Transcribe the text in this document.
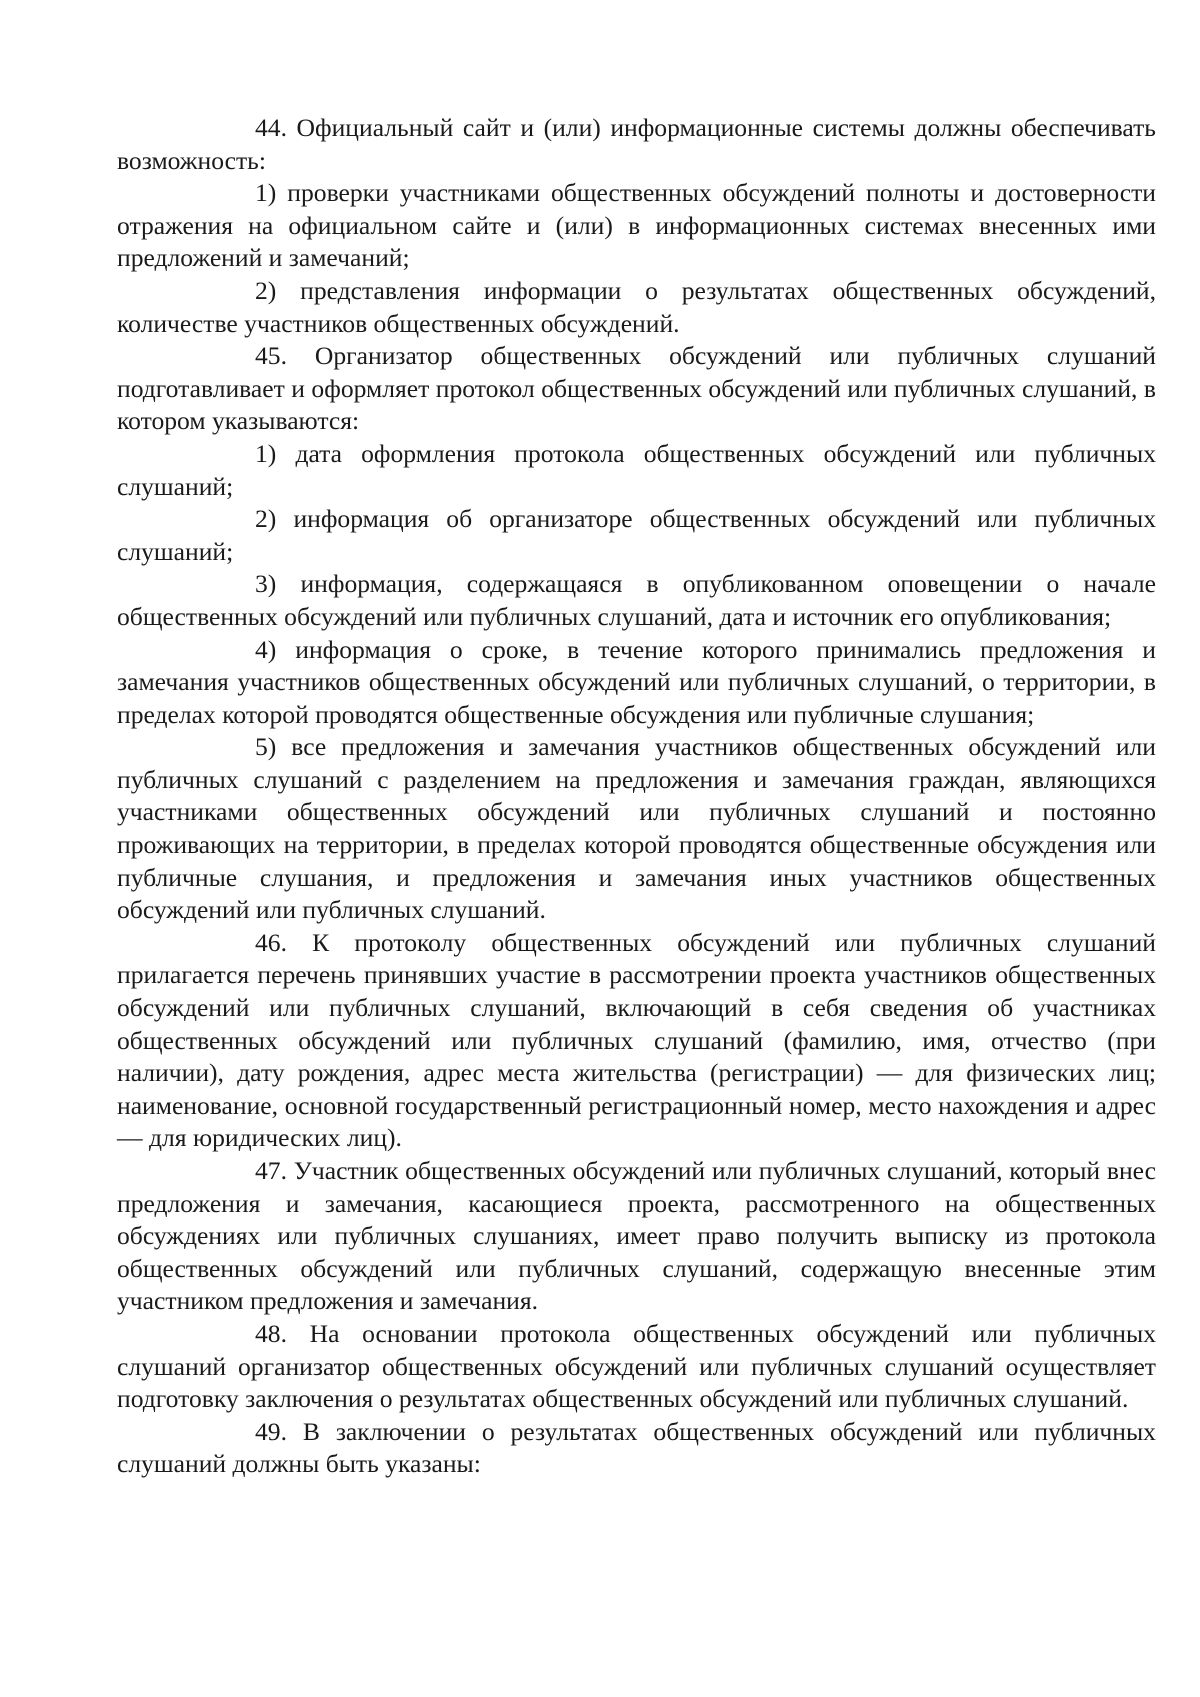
44. Официальный сайт и (или) информационные системы должны обеспечивать возможность:

1) проверки участниками общественных обсуждений полноты и достоверности отражения на официальном сайте и (или) в информационных системах внесенных ими предложений и замечаний;

2) представления информации о результатах общественных обсуждений, количестве участников общественных обсуждений.

45. Организатор общественных обсуждений или публичных слушаний подготавливает и оформляет протокол общественных обсуждений или публичных слушаний, в котором указываются:

1) дата оформления протокола общественных обсуждений или публичных слушаний;

2) информация об организаторе общественных обсуждений или публичных слушаний;

3) информация, содержащаяся в опубликованном оповещении о начале общественных обсуждений или публичных слушаний, дата и источник его опубликования;

4) информация о сроке, в течение которого принимались предложения и замечания участников общественных обсуждений или публичных слушаний, о территории, в пределах которой проводятся общественные обсуждения или публичные слушания;

5) все предложения и замечания участников общественных обсуждений или публичных слушаний с разделением на предложения и замечания граждан, являющихся участниками общественных обсуждений или публичных слушаний и постоянно проживающих на территории, в пределах которой проводятся общественные обсуждения или публичные слушания, и предложения и замечания иных участников общественных обсуждений или публичных слушаний.

46. К протоколу общественных обсуждений или публичных слушаний прилагается перечень принявших участие в рассмотрении проекта участников общественных обсуждений или публичных слушаний, включающий в себя сведения об участниках общественных обсуждений или публичных слушаний (фамилию, имя, отчество (при наличии), дату рождения, адрес места жительства (регистрации) — для физических лиц; наименование, основной государственный регистрационный номер, место нахождения и адрес — для юридических лиц).

47. Участник общественных обсуждений или публичных слушаний, который внес предложения и замечания, касающиеся проекта, рассмотренного на общественных обсуждениях или публичных слушаниях, имеет право получить выписку из протокола общественных обсуждений или публичных слушаний, содержащую внесенные этим участником предложения и замечания.

48. На основании протокола общественных обсуждений или публичных слушаний организатор общественных обсуждений или публичных слушаний осуществляет подготовку заключения о результатах общественных обсуждений или публичных слушаний.

49. В заключении о результатах общественных обсуждений или публичных слушаний должны быть указаны:
